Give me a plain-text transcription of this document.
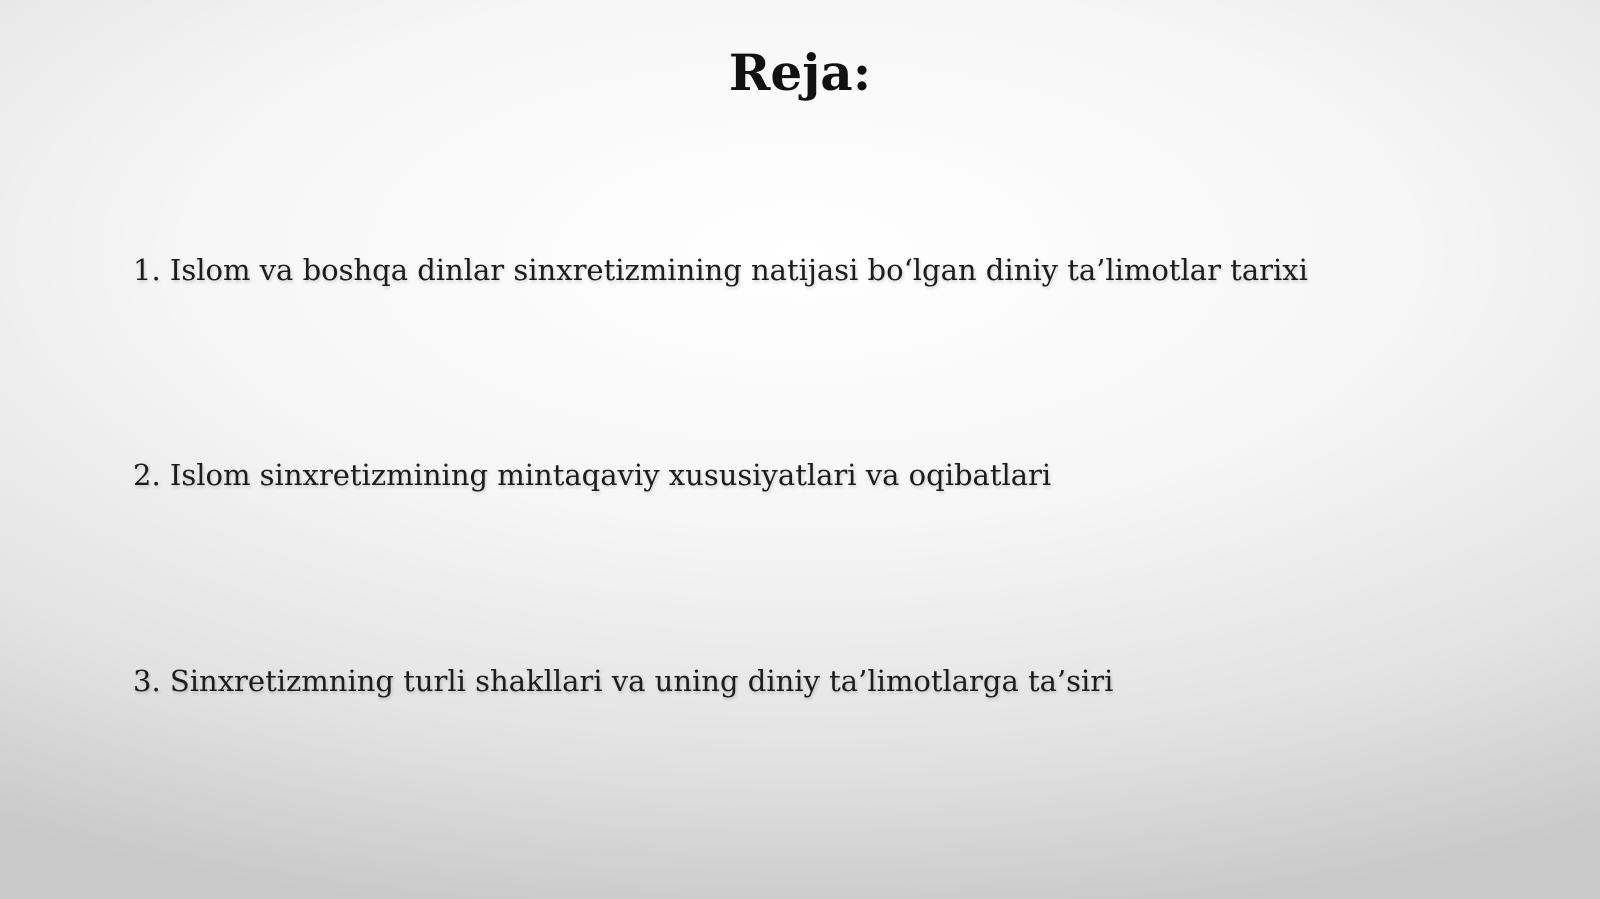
Reja:
1. Islom va boshqa dinlar sinxretizmining natijasi bo‘lgan diniy ta’limotlar tarixi
2. Islom sinxretizmining mintaqaviy xususiyatlari va oqibatlari
3. Sinxretizmning turli shakllari va uning diniy ta’limotlarga ta’siri
